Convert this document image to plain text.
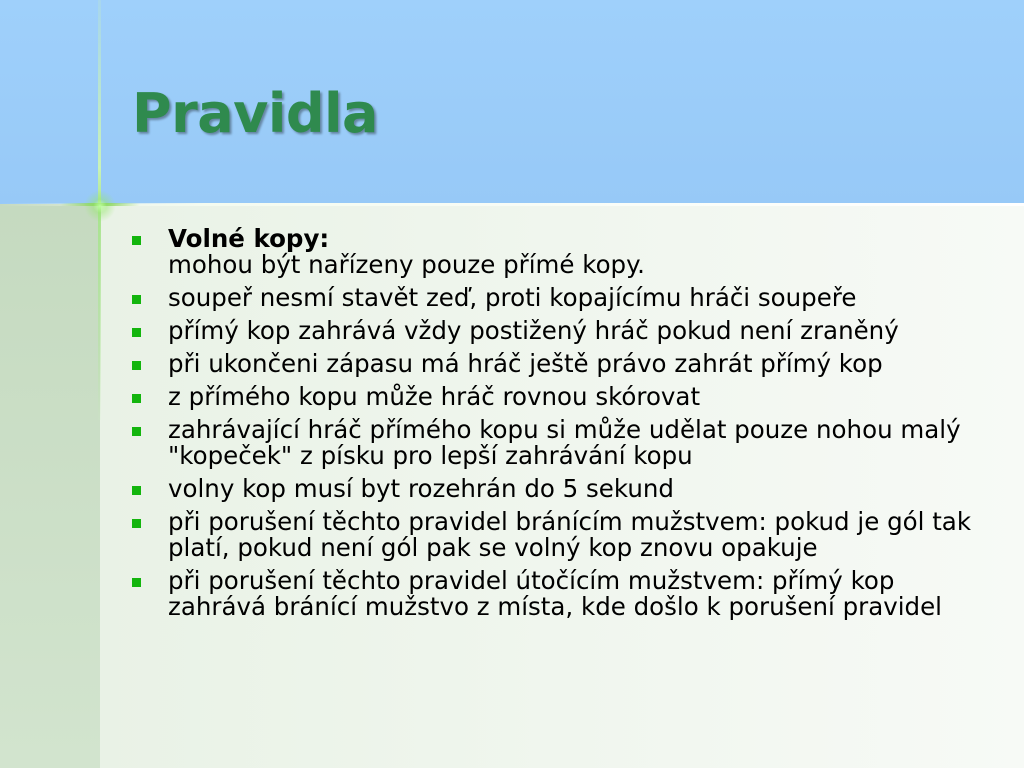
Pravidla
Volné kopy:
mohou být nařízeny pouze přímé kopy.
soupeř nesmí stavět zeď, proti kopajícímu hráči soupeře
přímý kop zahrává vždy postižený hráč pokud není zraněný
při ukončeni zápasu má hráč ještě právo zahrát přímý kop
z přímého kopu může hráč rovnou skórovat
zahrávající hráč přímého kopu si může udělat pouze nohou malý "kopeček" z písku pro lepší zahrávání kopu
volny kop musí byt rozehrán do 5 sekund
při porušení těchto pravidel bránícím mužstvem: pokud je gól tak platí, pokud není gól pak se volný kop znovu opakuje
při porušení těchto pravidel útočícím mužstvem: přímý kop zahrává bránící mužstvo z místa, kde došlo k porušení pravidel
